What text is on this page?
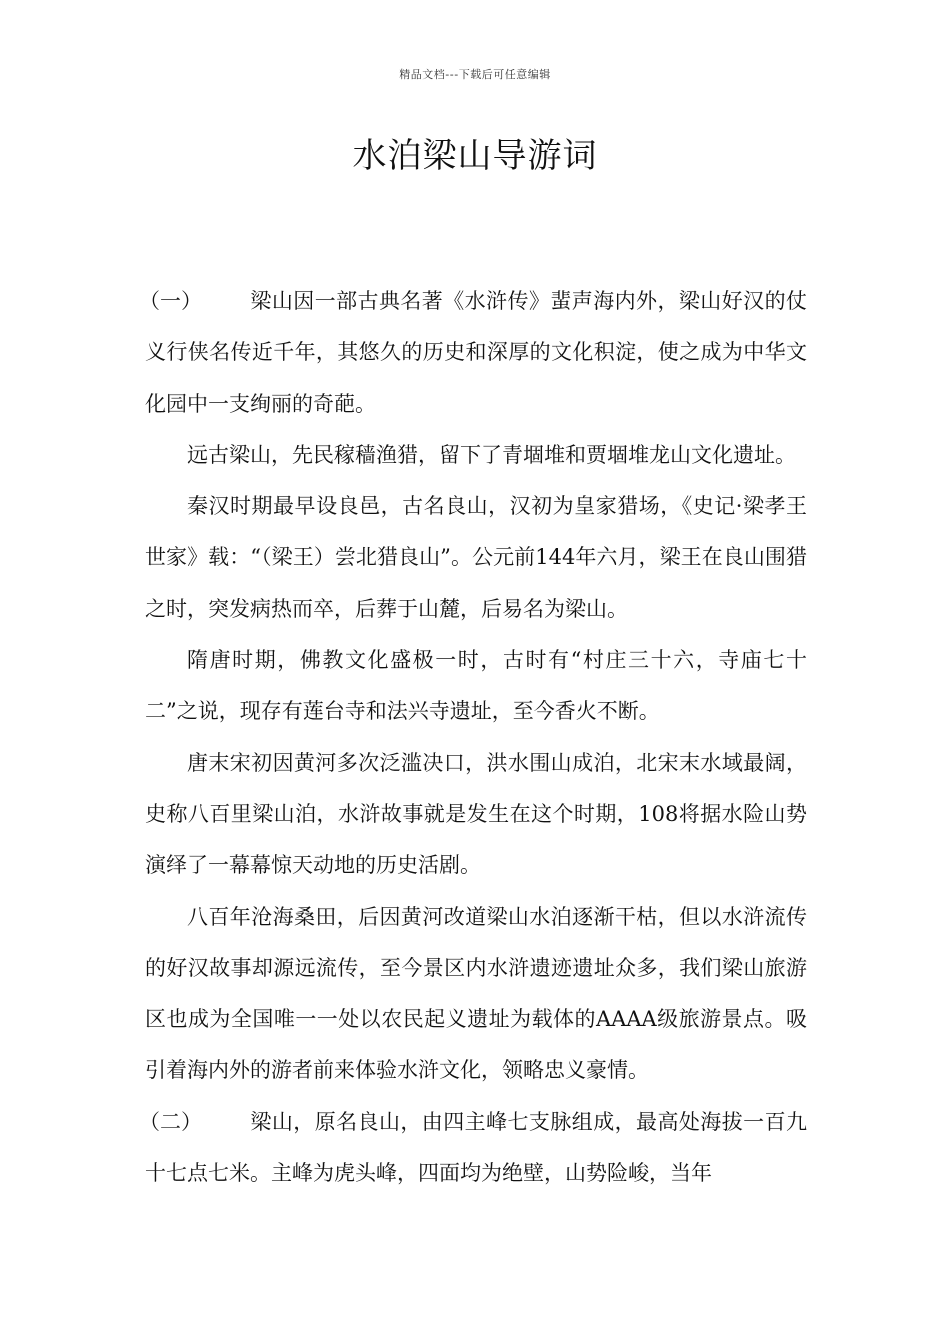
精品文档---下载后可任意编辑
水泊梁山导游词

（一） 梁山因一部古典名著《水浒传》蜚声海内外，梁山好汉的仗义行侠名传近千年，其悠久的历史和深厚的文化积淀，使之成为中华文化园中一支绚丽的奇葩。

远古梁山，先民稼穑渔猎，留下了青堌堆和贾堌堆龙山文化遗址。

秦汉时期最早设良邑，古名良山，汉初为皇家猎场，《史记·梁孝王世家》载：“（梁王）尝北猎良山”。公元前144年六月，梁王在良山围猎之时，突发病热而卒，后葬于山麓，后易名为梁山。

隋唐时期，佛教文化盛极一时，古时有“村庄三十六，寺庙七十二”之说，现存有莲台寺和法兴寺遗址，至今香火不断。

唐末宋初因黄河多次泛滥决口，洪水围山成泊，北宋末水域最阔，史称八百里梁山泊，水浒故事就是发生在这个时期，108将据水险山势演绎了一幕幕惊天动地的历史活剧。

八百年沧海桑田，后因黄河改道梁山水泊逐渐干枯，但以水浒流传的好汉故事却源远流传，至今景区内水浒遗迹遗址众多，我们梁山旅游区也成为全国唯一一处以农民起义遗址为载体的AAAA级旅游景点。吸引着海内外的游者前来体验水浒文化，领略忠义豪情。

（二） 梁山，原名良山，由四主峰七支脉组成，最高处海拔一百九十七点七米。主峰为虎头峰，四面均为绝壁，山势险峻，当年
